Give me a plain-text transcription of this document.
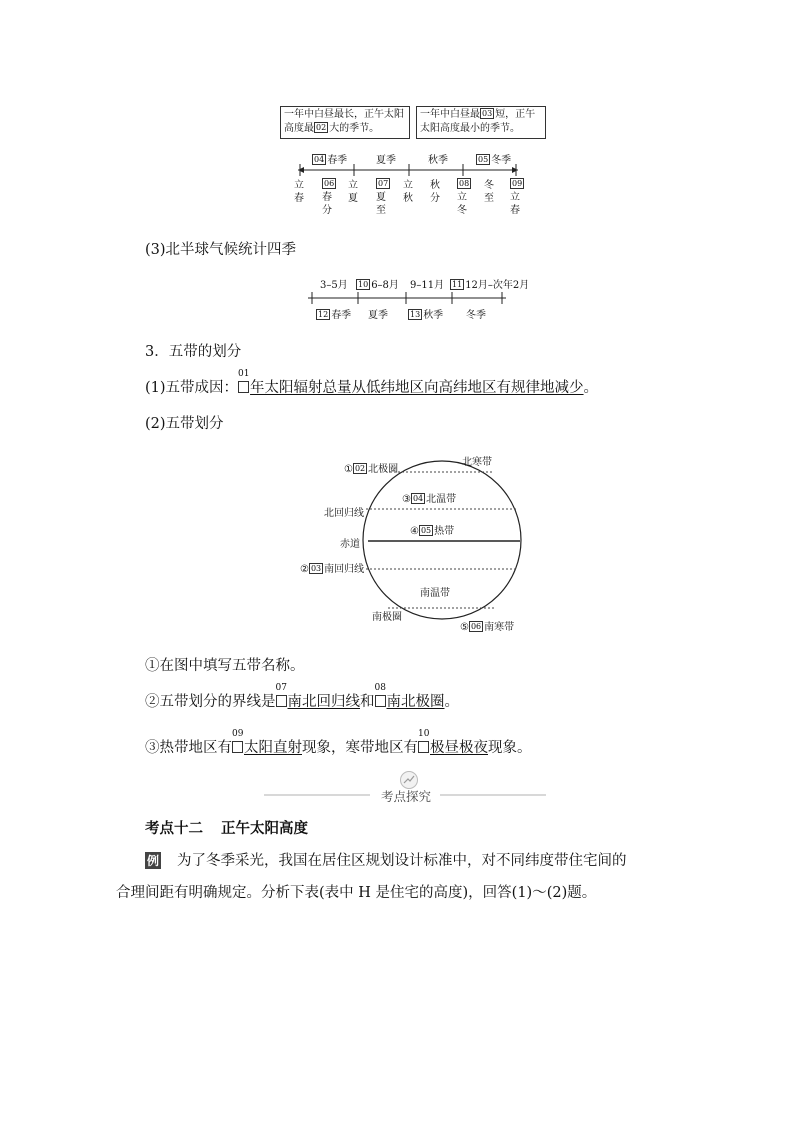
一年中白昼最长，正午太阳高度最 02 大的季节。
一年中白昼最 03 短，正午太阳高度最小的季节。
04 春季	夏季	秋季	05 冬季
立春
06
春分
立夏
07
夏至
立秋
秋分
08
立冬
冬至
09
立春
(3)北半球气候统计四季
3–5月 10 6–8月 9–11月 11 12月–次年2月
12 春季 夏季	13 秋季 冬季
3．五带的划分
(1)五带成因：
01
年太阳辐射总量从低纬地区向高纬地区有规律地减少。
(2)五带划分
北寒带
① 02 北极圈
③ 04 北温带
北回归线
④ 05 热带
赤道
② 03 南回归线
南温带
南极圈
⑤ 06 南寒带
①在图中填写五带名称。
②五带划分的界线是
07
南北回归线和
08
南北极圈。
③热带地区有
09
太阳直射现象，寒带地区有
10
极昼极夜现象。
考点探究
考点十二 正午太阳高度
例 为了冬季采光，我国在居住区规划设计标准中，对不同纬度带住宅间的
合理间距有明确规定。分析下表(表中 H 是住宅的高度)，回答(1)～(2)题。
